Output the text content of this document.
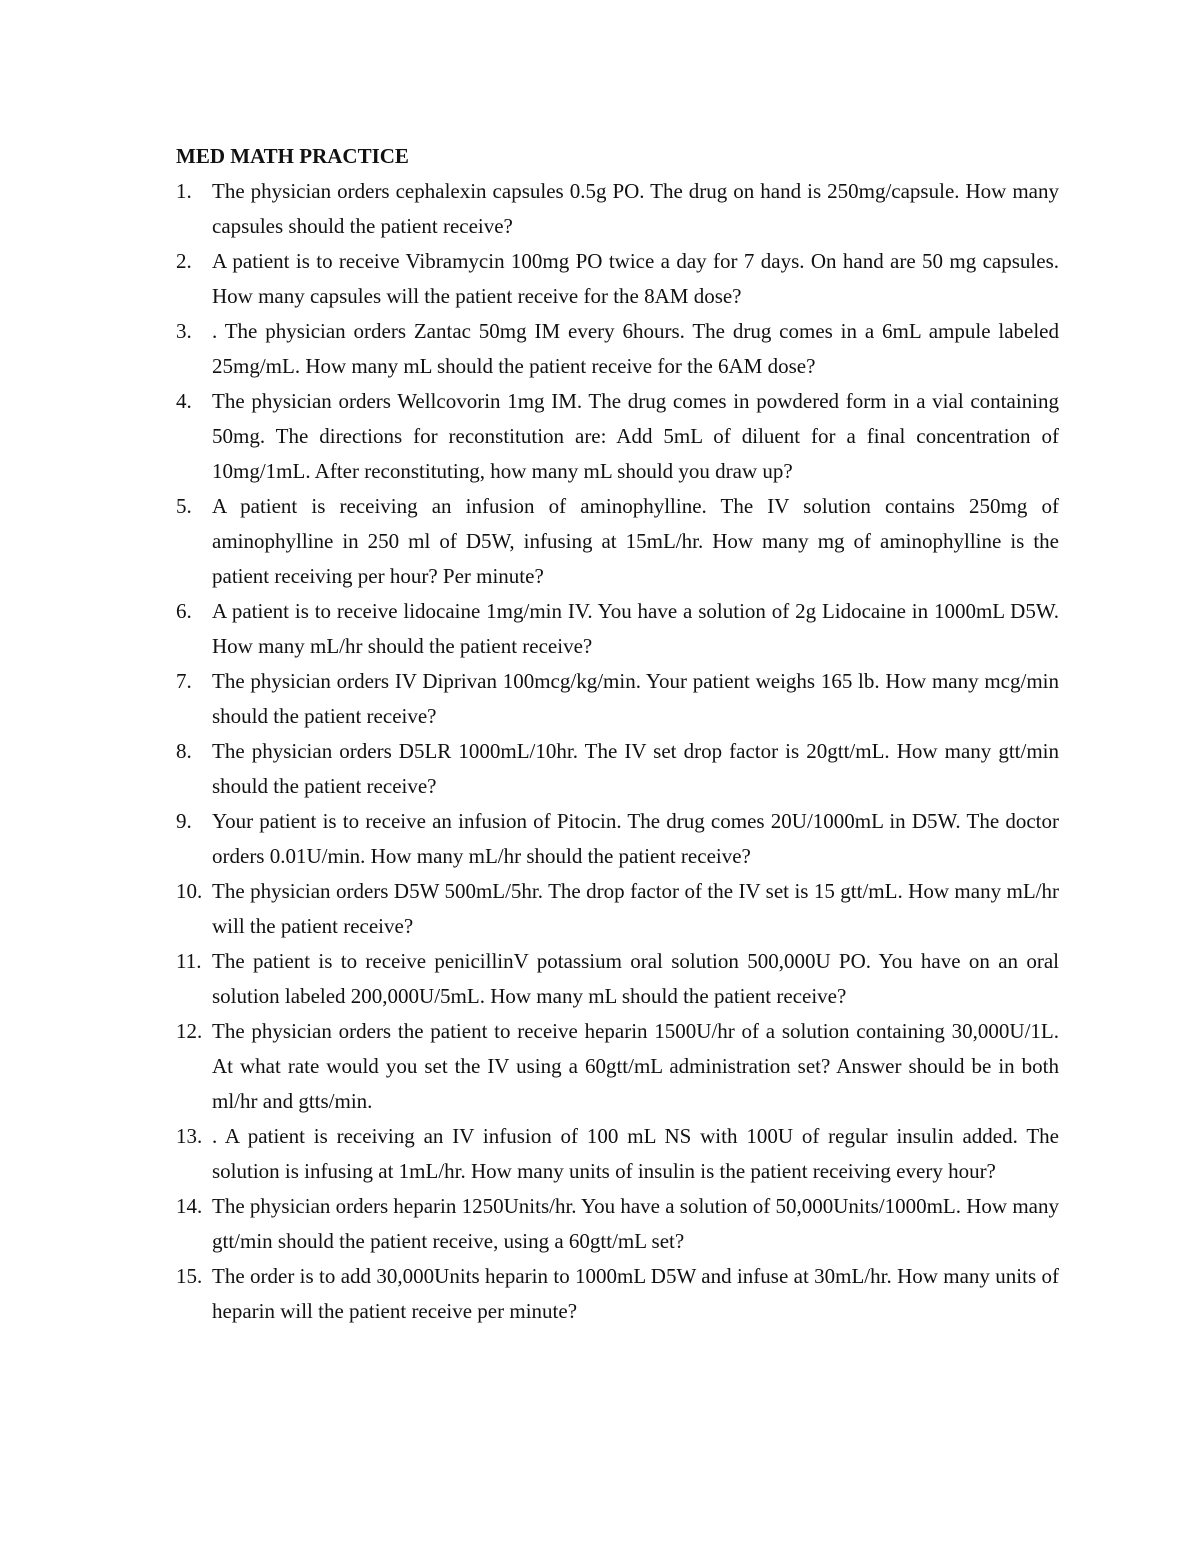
MED MATH PRACTICE
1. The physician orders cephalexin capsules 0.5g PO. The drug on hand is 250mg/capsule. How many capsules should the patient receive?
2. A patient is to receive Vibramycin 100mg PO twice a day for 7 days. On hand are 50 mg capsules. How many capsules will the patient receive for the 8AM dose?
3. . The physician orders Zantac 50mg IM every 6hours. The drug comes in a 6mL ampule labeled 25mg/mL. How many mL should the patient receive for the 6AM dose?
4. The physician orders Wellcovorin 1mg IM. The drug comes in powdered form in a vial containing 50mg. The directions for reconstitution are: Add 5mL of diluent for a final concentration of 10mg/1mL. After reconstituting, how many mL should you draw up?
5. A patient is receiving an infusion of aminophylline. The IV solution contains 250mg of aminophylline in 250 ml of D5W, infusing at 15mL/hr. How many mg of aminophylline is the patient receiving per hour? Per minute?
6. A patient is to receive lidocaine 1mg/min IV. You have a solution of 2g Lidocaine in 1000mL D5W. How many mL/hr should the patient receive?
7. The physician orders IV Diprivan 100mcg/kg/min. Your patient weighs 165 lb. How many mcg/min should the patient receive?
8. The physician orders D5LR 1000mL/10hr. The IV set drop factor is 20gtt/mL. How many gtt/min should the patient receive?
9. Your patient is to receive an infusion of Pitocin. The drug comes 20U/1000mL in D5W. The doctor orders 0.01U/min. How many mL/hr should the patient receive?
10. The physician orders D5W 500mL/5hr. The drop factor of the IV set is 15 gtt/mL. How many mL/hr will the patient receive?
11. The patient is to receive penicillinV potassium oral solution 500,000U PO. You have on an oral solution labeled 200,000U/5mL. How many mL should the patient receive?
12. The physician orders the patient to receive heparin 1500U/hr of a solution containing 30,000U/1L. At what rate would you set the IV using a 60gtt/mL administration set? Answer should be in both ml/hr and gtts/min.
13. . A patient is receiving an IV infusion of 100 mL NS with 100U of regular insulin added. The solution is infusing at 1mL/hr. How many units of insulin is the patient receiving every hour?
14. The physician orders heparin 1250Units/hr. You have a solution of 50,000Units/1000mL. How many gtt/min should the patient receive, using a 60gtt/mL set?
15. The order is to add 30,000Units heparin to 1000mL D5W and infuse at 30mL/hr. How many units of heparin will the patient receive per minute?
